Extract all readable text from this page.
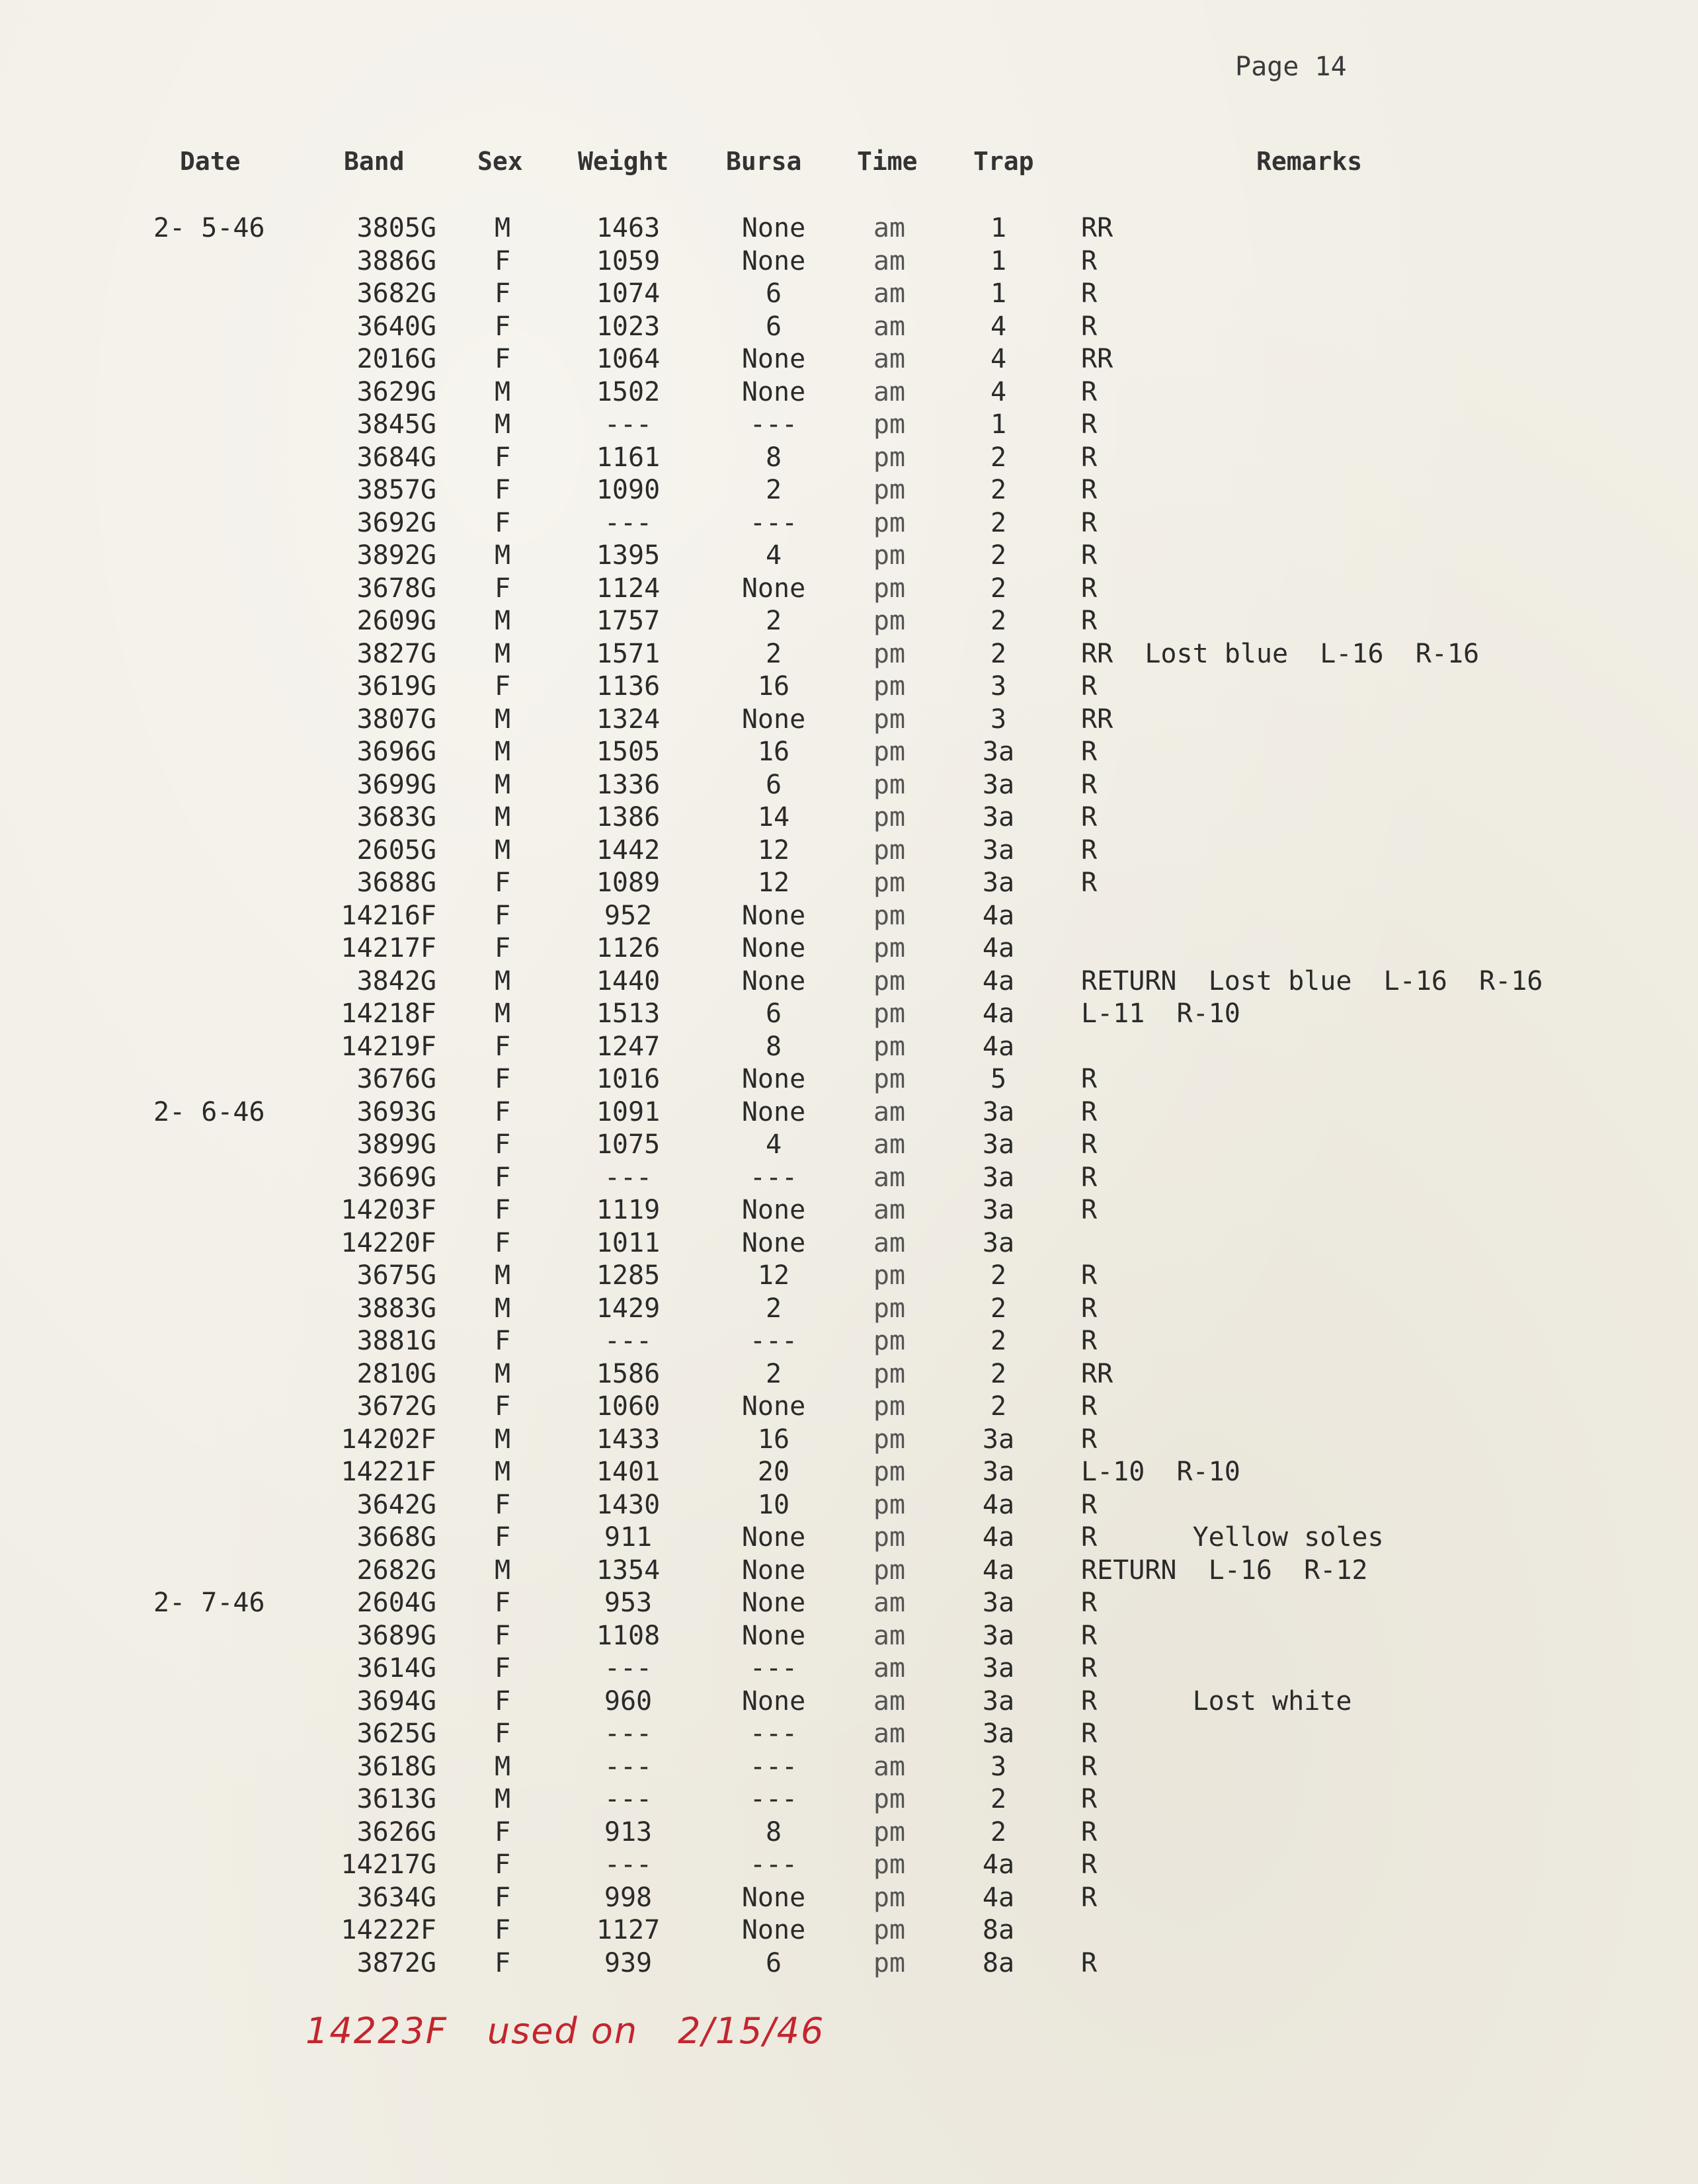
Page 14
Date	Band	Sex Weight Bursa Time Trap	Remarks
2- 5-46	3805G	M	1463	None	am	1	RR
3886G	F	1059	None	am	1	R
3682G	F	1074	6	am	1	R
3640G	F	1023	6	am	4	R
2016G	F	1064	None	am	4	RR
3629G	M	1502	None	am	4	R
3845G	M	---	---	pm	1	R
3684G	F	1161	8	pm	2	R
3857G	F	1090	2	pm	2	R
3692G	F	---	---	pm	2	R
3892G	M	1395	4	pm	2	R
3678G	F	1124	None	pm	2	R
2609G	M	1757	2	pm	2	R
3827G	M	1571	2	pm	2	RR  Lost blue  L-16  R-16
3619G	F	1136	16	pm	3	R
3807G	M	1324	None	pm	3	RR
3696G	M	1505	16	pm	3a	R
3699G	M	1336	6	pm	3a	R
3683G	M	1386	14	pm	3a	R
2605G	M	1442	12	pm	3a	R
3688G	F	1089	12	pm	3a	R
14216F	F	952	None	pm	4a
14217F	F	1126	None	pm	4a
3842G	M	1440	None	pm	4a	RETURN  Lost blue  L-16  R-16
14218F	M	1513	6	pm	4a	L-11  R-10
14219F	F	1247	8	pm	4a
3676G	F	1016	None	pm	5	R
2- 6-46	3693G	F	1091	None	am	3a	R
3899G	F	1075	4	am	3a	R
3669G	F	---	---	am	3a	R
14203F	F	1119	None	am	3a	R
14220F	F	1011	None	am	3a
3675G	M	1285	12	pm	2	R
3883G	M	1429	2	pm	2	R
3881G	F	---	---	pm	2	R
2810G	M	1586	2	pm	2	RR
3672G	F	1060	None	pm	2	R
14202F	M	1433	16	pm	3a	R
14221F	M	1401	20	pm	3a	L-10  R-10
3642G	F	1430	10	pm	4a	R
3668G	F	911	None	pm	4a	R      Yellow soles
2682G	M	1354	None	pm	4a	RETURN  L-16  R-12
2- 7-46	2604G	F	953	None	am	3a	R
3689G	F	1108	None	am	3a	R
3614G	F	---	---	am	3a	R
3694G	F	960	None	am	3a	R      Lost white
3625G	F	---	---	am	3a	R
3618G	M	---	---	am	3	R
3613G	M	---	---	pm	2	R
3626G	F	913	8	pm	2	R
14217G	F	---	---	pm	4a	R
3634G	F	998	None	pm	4a	R
14222F	F	1127	None	pm	8a
3872G	F	939	6	pm	8a	R
14223F used on 2/15/46
